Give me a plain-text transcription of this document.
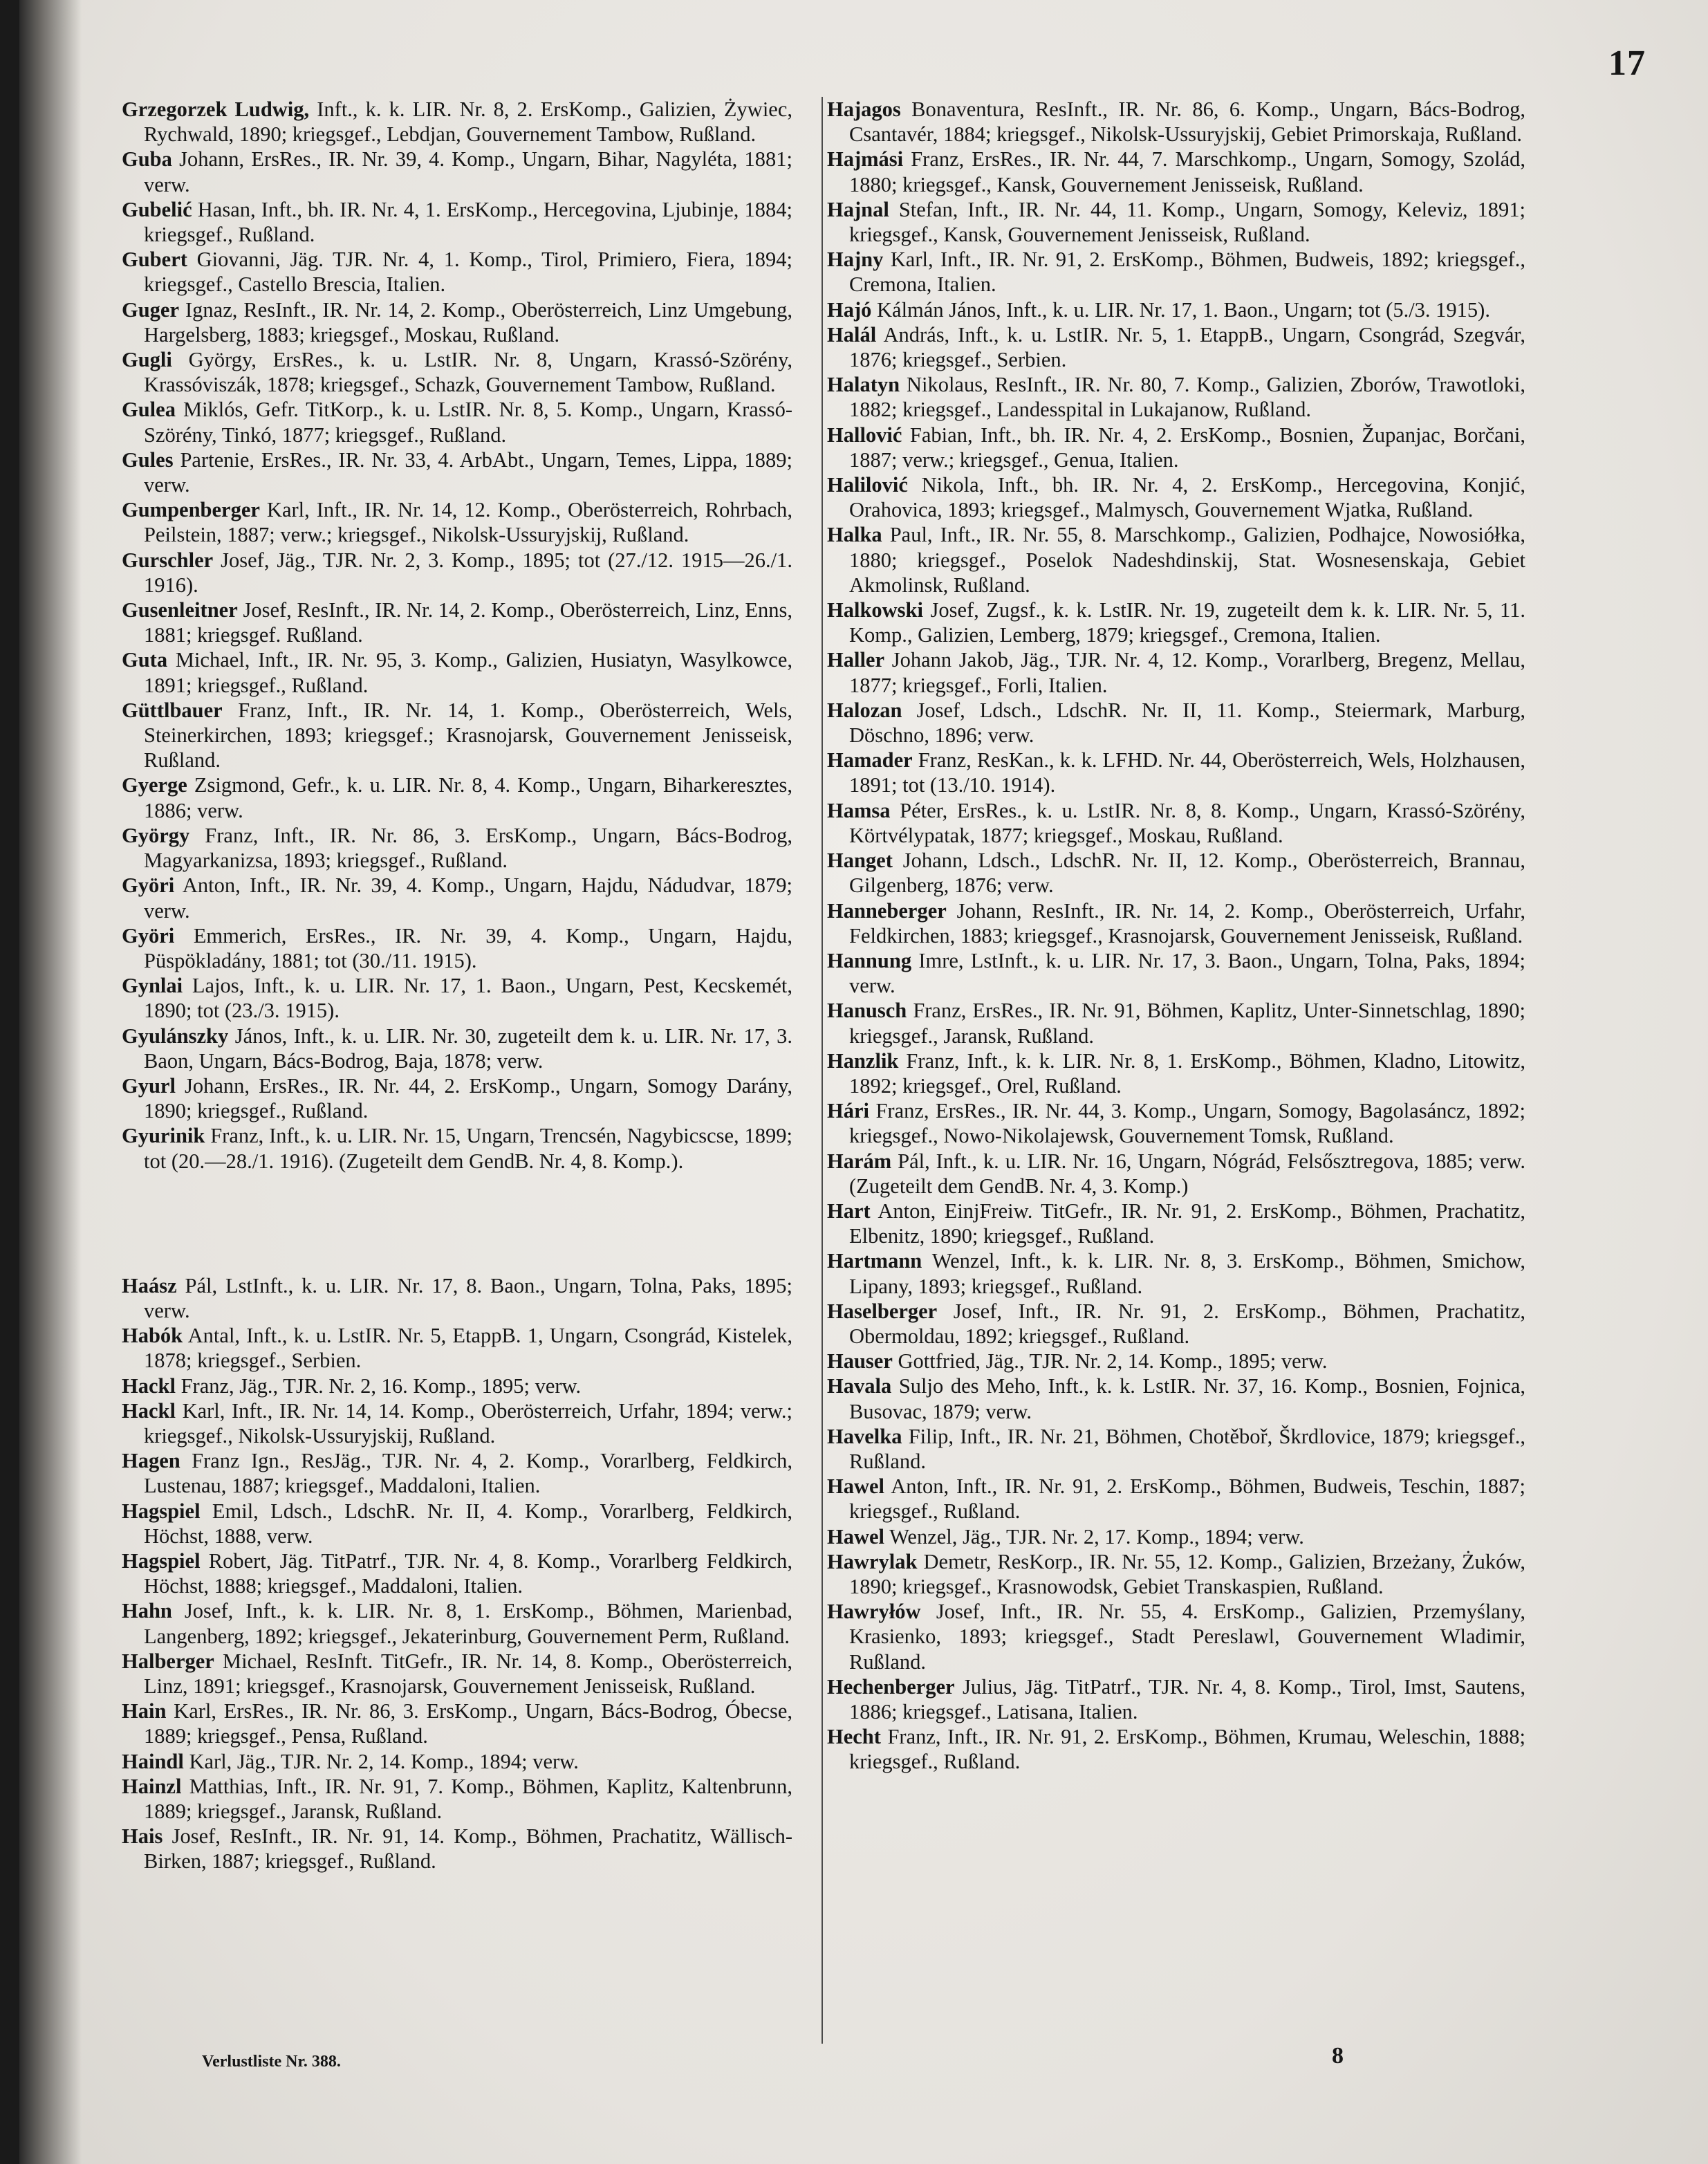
17

Grzegorzek Ludwig, Inft., k. k. LIR. Nr. 8, 2. ErsKomp., Galizien, Żywiec, Rychwald, 1890; kriegsgef., Lebdjan, Gouvernement Tambow, Rußland.

Guba Johann, ErsRes., IR. Nr. 39, 4. Komp., Ungarn, Bihar, Nagyléta, 1881; verw.

Gubelić Hasan, Inft., bh. IR. Nr. 4, 1. ErsKomp., Hercegovina, Ljubinje, 1884; kriegsgef., Rußland.

Gubert Giovanni, Jäg. TJR. Nr. 4, 1. Komp., Tirol, Primiero, Fiera, 1894; kriegsgef., Castello Brescia, Italien.

Guger Ignaz, ResInft., IR. Nr. 14, 2. Komp., Oberösterreich, Linz Umgebung, Hargelsberg, 1883; kriegsgef., Moskau, Rußland.

Gugli György, ErsRes., k. u. LstIR. Nr. 8, Ungarn, Krassó-Szörény, Krassóviszák, 1878; kriegsgef., Schazk, Gouvernement Tambow, Rußland.

Gulea Miklós, Gefr. TitKorp., k. u. LstIR. Nr. 8, 5. Komp., Ungarn, Krassó-Szörény, Tinkó, 1877; kriegsgef., Rußland.

Gules Partenie, ErsRes., IR. Nr. 33, 4. ArbAbt., Ungarn, Temes, Lippa, 1889; verw.

Gumpenberger Karl, Inft., IR. Nr. 14, 12. Komp., Oberösterreich, Rohrbach, Peilstein, 1887; verw.; kriegsgef., Nikolsk-Ussuryjskij, Rußland.

Gurschler Josef, Jäg., TJR. Nr. 2, 3. Komp., 1895; tot (27./12. 1915—26./1. 1916).

Gusenleitner Josef, ResInft., IR. Nr. 14, 2. Komp., Oberösterreich, Linz, Enns, 1881; kriegsgef. Rußland.

Guta Michael, Inft., IR. Nr. 95, 3. Komp., Galizien, Husiatyn, Wasylkowce, 1891; kriegsgef., Rußland.

Güttlbauer Franz, Inft., IR. Nr. 14, 1. Komp., Oberösterreich, Wels, Steinerkirchen, 1893; kriegsgef.; Krasnojarsk, Gouvernement Jenisseisk, Rußland.

Gyerge Zsigmond, Gefr., k. u. LIR. Nr. 8, 4. Komp., Ungarn, Biharkeresztes, 1886; verw.

György Franz, Inft., IR. Nr. 86, 3. ErsKomp., Ungarn, Bács-Bodrog, Magyarkanizsa, 1893; kriegsgef., Rußland.

Györi Anton, Inft., IR. Nr. 39, 4. Komp., Ungarn, Hajdu, Nádudvar, 1879; verw.

Györi Emmerich, ErsRes., IR. Nr. 39, 4. Komp., Ungarn, Hajdu, Püspökladány, 1881; tot (30./11. 1915).

Gynlai Lajos, Inft., k. u. LIR. Nr. 17, 1. Baon., Ungarn, Pest, Kecskemét, 1890; tot (23./3. 1915).

Gyulánszky János, Inft., k. u. LIR. Nr. 30, zugeteilt dem k. u. LIR. Nr. 17, 3. Baon, Ungarn, Bács-Bodrog, Baja, 1878; verw.

Gyurl Johann, ErsRes., IR. Nr. 44, 2. ErsKomp., Ungarn, Somogy Darány, 1890; kriegsgef., Rußland.

Gyurinik Franz, Inft., k. u. LIR. Nr. 15, Ungarn, Trencsén, Nagybicscse, 1899; tot (20.—28./1. 1916). (Zugeteilt dem GendB. Nr. 4, 8. Komp.).

Haász Pál, LstInft., k. u. LIR. Nr. 17, 8. Baon., Ungarn, Tolna, Paks, 1895; verw.

Habók Antal, Inft., k. u. LstIR. Nr. 5, EtappB. 1, Ungarn, Csongrád, Kistelek, 1878; kriegsgef., Serbien.

Hackl Franz, Jäg., TJR. Nr. 2, 16. Komp., 1895; verw.

Hackl Karl, Inft., IR. Nr. 14, 14. Komp., Oberösterreich, Urfahr, 1894; verw.; kriegsgef., Nikolsk-Ussuryjskij, Rußland.

Hagen Franz Ign., ResJäg., TJR. Nr. 4, 2. Komp., Vorarlberg, Feldkirch, Lustenau, 1887; kriegsgef., Maddaloni, Italien.

Hagspiel Emil, Ldsch., LdschR. Nr. II, 4. Komp., Vorarlberg, Feldkirch, Höchst, 1888, verw.

Hagspiel Robert, Jäg. TitPatrf., TJR. Nr. 4, 8. Komp., Vorarlberg Feldkirch, Höchst, 1888; kriegsgef., Maddaloni, Italien.

Hahn Josef, Inft., k. k. LIR. Nr. 8, 1. ErsKomp., Böhmen, Marienbad, Langenberg, 1892; kriegsgef., Jekaterinburg, Gouvernement Perm, Rußland.

Halberger Michael, ResInft. TitGefr., IR. Nr. 14, 8. Komp., Oberösterreich, Linz, 1891; kriegsgef., Krasnojarsk, Gouvernement Jenisseisk, Rußland.

Hain Karl, ErsRes., IR. Nr. 86, 3. ErsKomp., Ungarn, Bács-Bodrog, Óbecse, 1889; kriegsgef., Pensa, Rußland.

Haindl Karl, Jäg., TJR. Nr. 2, 14. Komp., 1894; verw.

Hainzl Matthias, Inft., IR. Nr. 91, 7. Komp., Böhmen, Kaplitz, Kaltenbrunn, 1889; kriegsgef., Jaransk, Rußland.

Hais Josef, ResInft., IR. Nr. 91, 14. Komp., Böhmen, Prachatitz, Wällisch-Birken, 1887; kriegsgef., Rußland.

Hajagos Bonaventura, ResInft., IR. Nr. 86, 6. Komp., Ungarn, Bács-Bodrog, Csantavér, 1884; kriegsgef., Nikolsk-Ussuryjskij, Gebiet Primorskaja, Rußland.

Hajmási Franz, ErsRes., IR. Nr. 44, 7. Marschkomp., Ungarn, Somogy, Szolád, 1880; kriegsgef., Kansk, Gouvernement Jenisseisk, Rußland.

Hajnal Stefan, Inft., IR. Nr. 44, 11. Komp., Ungarn, Somogy, Keleviz, 1891; kriegsgef., Kansk, Gouvernement Jenisseisk, Rußland.

Hajny Karl, Inft., IR. Nr. 91, 2. ErsKomp., Böhmen, Budweis, 1892; kriegsgef., Cremona, Italien.

Hajó Kálmán János, Inft., k. u. LIR. Nr. 17, 1. Baon., Ungarn; tot (5./3. 1915).

Halál András, Inft., k. u. LstIR. Nr. 5, 1. EtappB., Ungarn, Csongrád, Szegvár, 1876; kriegsgef., Serbien.

Halatyn Nikolaus, ResInft., IR. Nr. 80, 7. Komp., Galizien, Zborów, Trawotloki, 1882; kriegsgef., Landesspital in Lukajanow, Rußland.

Hallović Fabian, Inft., bh. IR. Nr. 4, 2. ErsKomp., Bosnien, Županjac, Borčani, 1887; verw.; kriegsgef., Genua, Italien.

Halilović Nikola, Inft., bh. IR. Nr. 4, 2. ErsKomp., Hercegovina, Konjić, Orahovica, 1893; kriegsgef., Malmysch, Gouvernement Wjatka, Rußland.

Halka Paul, Inft., IR. Nr. 55, 8. Marschkomp., Galizien, Podhajce, Nowosiółka, 1880; kriegsgef., Poselok Nadeshdinskij, Stat. Wosnesenskaja, Gebiet Akmolinsk, Rußland.

Halkowski Josef, Zugsf., k. k. LstIR. Nr. 19, zugeteilt dem k. k. LIR. Nr. 5, 11. Komp., Galizien, Lemberg, 1879; kriegsgef., Cremona, Italien.

Haller Johann Jakob, Jäg., TJR. Nr. 4, 12. Komp., Vorarlberg, Bregenz, Mellau, 1877; kriegsgef., Forli, Italien.

Halozan Josef, Ldsch., LdschR. Nr. II, 11. Komp., Steiermark, Marburg, Döschno, 1896; verw.

Hamader Franz, ResKan., k. k. LFHD. Nr. 44, Oberösterreich, Wels, Holzhausen, 1891; tot (13./10. 1914).

Hamsa Péter, ErsRes., k. u. LstIR. Nr. 8, 8. Komp., Ungarn, Krassó-Szörény, Körtvélypatak, 1877; kriegsgef., Moskau, Rußland.

Hanget Johann, Ldsch., LdschR. Nr. II, 12. Komp., Oberösterreich, Brannau, Gilgenberg, 1876; verw.

Hanneberger Johann, ResInft., IR. Nr. 14, 2. Komp., Oberösterreich, Urfahr, Feldkirchen, 1883; kriegsgef., Krasnojarsk, Gouvernement Jenisseisk, Rußland.

Hannung Imre, LstInft., k. u. LIR. Nr. 17, 3. Baon., Ungarn, Tolna, Paks, 1894; verw.

Hanusch Franz, ErsRes., IR. Nr. 91, Böhmen, Kaplitz, Unter-Sinnetschlag, 1890; kriegsgef., Jaransk, Rußland.

Hanzlik Franz, Inft., k. k. LIR. Nr. 8, 1. ErsKomp., Böhmen, Kladno, Litowitz, 1892; kriegsgef., Orel, Rußland.

Hári Franz, ErsRes., IR. Nr. 44, 3. Komp., Ungarn, Somogy, Bagolasáncz, 1892; kriegsgef., Nowo-Nikolajewsk, Gouvernement Tomsk, Rußland.

Harám Pál, Inft., k. u. LIR. Nr. 16, Ungarn, Nógrád, Felsősztregova, 1885; verw. (Zugeteilt dem GendB. Nr. 4, 3. Komp.)

Hart Anton, EinjFreiw. TitGefr., IR. Nr. 91, 2. ErsKomp., Böhmen, Prachatitz, Elbenitz, 1890; kriegsgef., Rußland.

Hartmann Wenzel, Inft., k. k. LIR. Nr. 8, 3. ErsKomp., Böhmen, Smichow, Lipany, 1893; kriegsgef., Rußland.

Haselberger Josef, Inft., IR. Nr. 91, 2. ErsKomp., Böhmen, Prachatitz, Obermoldau, 1892; kriegsgef., Rußland.

Hauser Gottfried, Jäg., TJR. Nr. 2, 14. Komp., 1895; verw.

Havala Suljo des Meho, Inft., k. k. LstIR. Nr. 37, 16. Komp., Bosnien, Fojnica, Busovac, 1879; verw.

Havelka Filip, Inft., IR. Nr. 21, Böhmen, Chotěboř, Škrdlovice, 1879; kriegsgef., Rußland.

Hawel Anton, Inft., IR. Nr. 91, 2. ErsKomp., Böhmen, Budweis, Teschin, 1887; kriegsgef., Rußland.

Hawel Wenzel, Jäg., TJR. Nr. 2, 17. Komp., 1894; verw.

Hawrylak Demetr, ResKorp., IR. Nr. 55, 12. Komp., Galizien, Brzeżany, Żuków, 1890; kriegsgef., Krasnowodsk, Gebiet Transkaspien, Rußland.

Hawryłów Josef, Inft., IR. Nr. 55, 4. ErsKomp., Galizien, Przemyślany, Krasienko, 1893; kriegsgef., Stadt Pereslawl, Gouvernement Wladimir, Rußland.

Hechenberger Julius, Jäg. TitPatrf., TJR. Nr. 4, 8. Komp., Tirol, Imst, Sautens, 1886; kriegsgef., Latisana, Italien.

Hecht Franz, Inft., IR. Nr. 91, 2. ErsKomp., Böhmen, Krumau, Weleschin, 1888; kriegsgef., Rußland.

Verlustliste Nr. 388.	8
